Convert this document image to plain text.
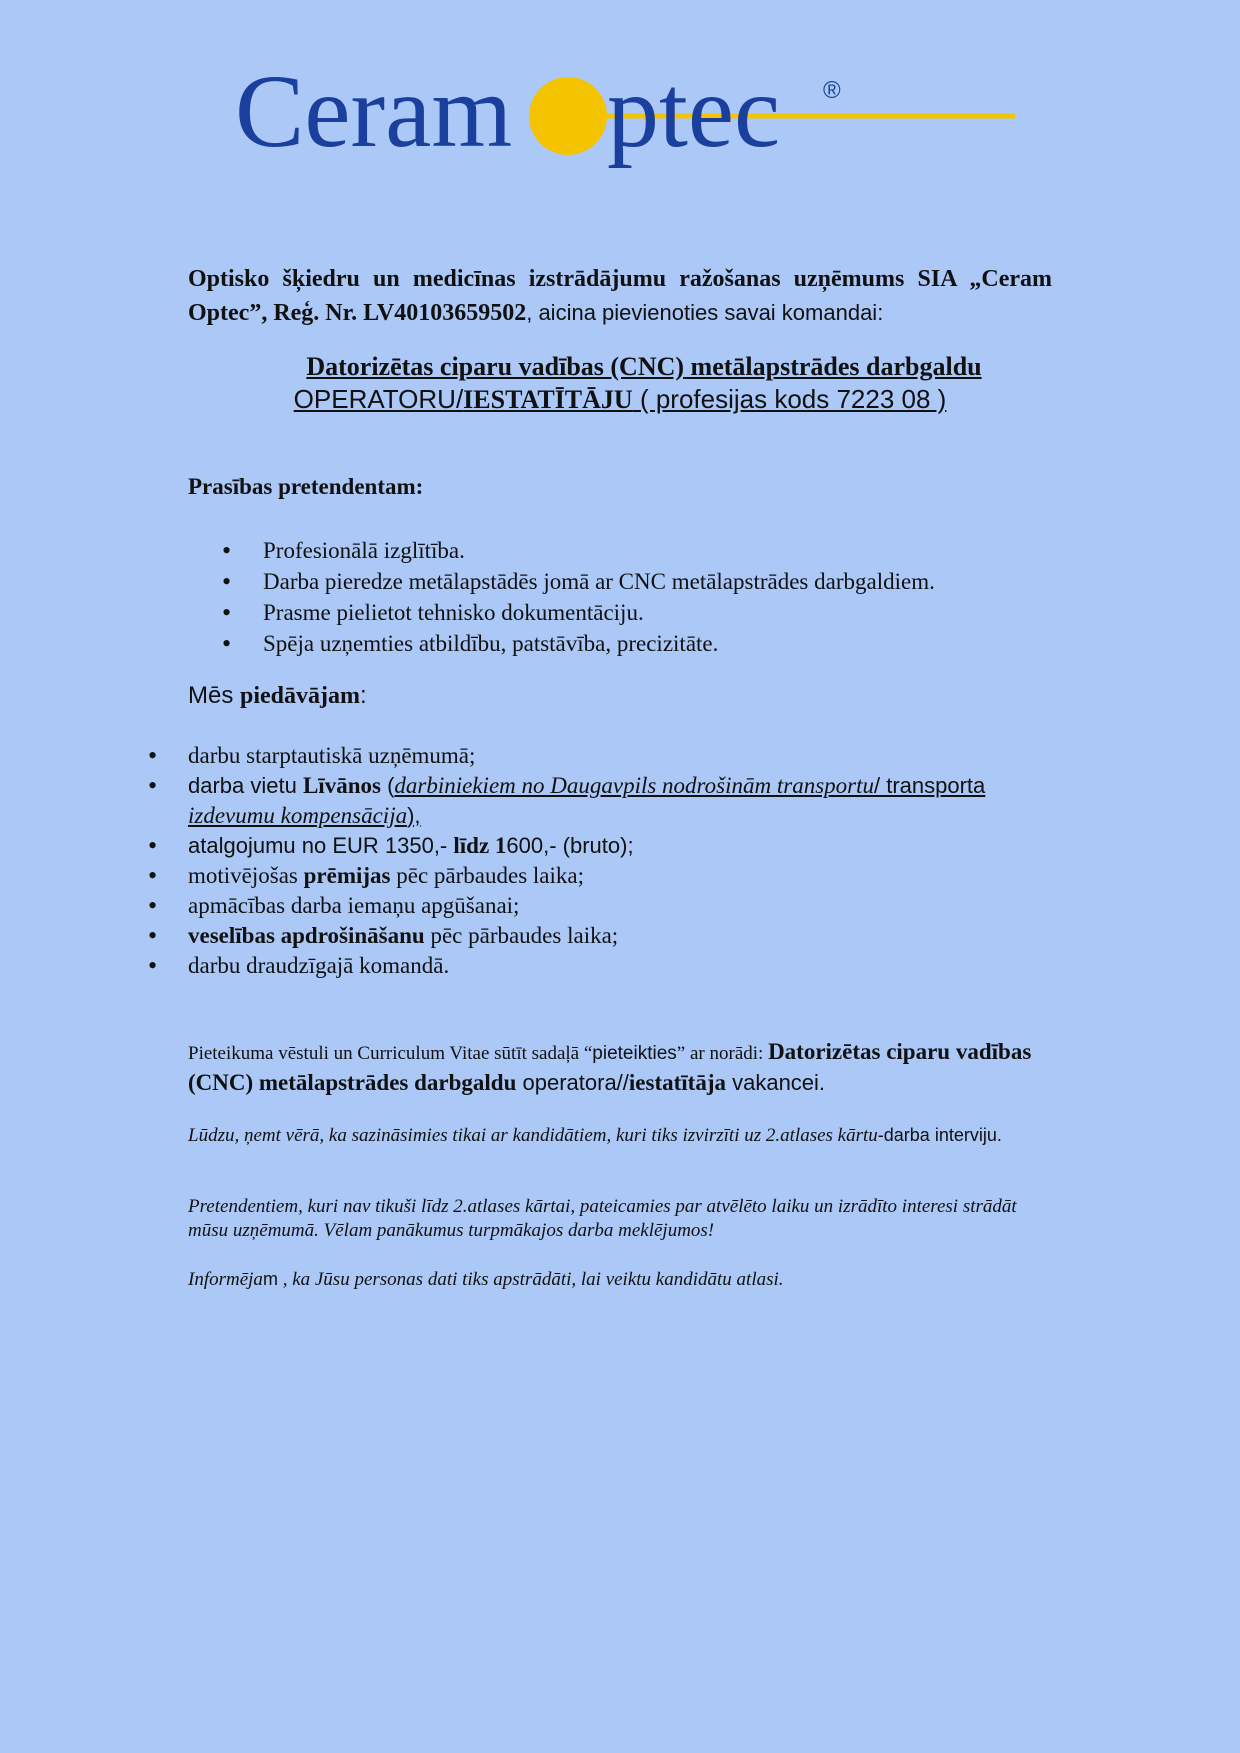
Ceram ptec ®
Optisko šķiedru un medicīnas izstrādājumu ražošanas uzņēmums SIA „Ceram Optec”, Reģ. Nr. LV40103659502, aicina pievienoties savai komandai:
Datorizētas ciparu vadības (CNC) metālapstrādes darbgaldu
OPERATORU/IESTATĪTĀJU ( profesijas kods 7223 08 )
Prasības pretendentam:
• Profesionālā izglītība.
• Darba pieredze metālapstādēs jomā ar CNC metālapstrādes darbgaldiem.
• Prasme pielietot tehnisko dokumentāciju.
• Spēja uzņemties atbildību, patstāvība, precizitāte.
Mēs piedāvājam:
• darbu starptautiskā uzņēmumā;
• darba vietu Līvānos (darbiniekiem no Daugavpils nodrošinām transportu/ transporta
izdevumu kompensācija),
• atalgojumu no EUR 1350,- līdz 1600,- (bruto);
• motivējošas prēmijas pēc pārbaudes laika;
• apmācības darba iemaņu apgūšanai;
• veselības apdrošināšanu pēc pārbaudes laika;
• darbu draudzīgajā komandā.
Pieteikuma vēstuli un Curriculum Vitae sūtīt sadaļā “pieteikties” ar norādi: Datorizētas ciparu vadības (CNC) metālapstrādes darbgaldu operatora//iestatītāja vakancei.
Lūdzu, ņemt vērā, ka sazināsimies tikai ar kandidātiem, kuri tiks izvirzīti uz 2.atlases kārtu-darba interviju.
Pretendentiem, kuri nav tikuši līdz 2.atlases kārtai, pateicamies par atvēlēto laiku un izrādīto interesi strādāt mūsu uzņēmumā. Vēlam panākumus turpmākajos darba meklējumos!
Informējam , ka Jūsu personas dati tiks apstrādāti, lai veiktu kandidātu atlasi.
